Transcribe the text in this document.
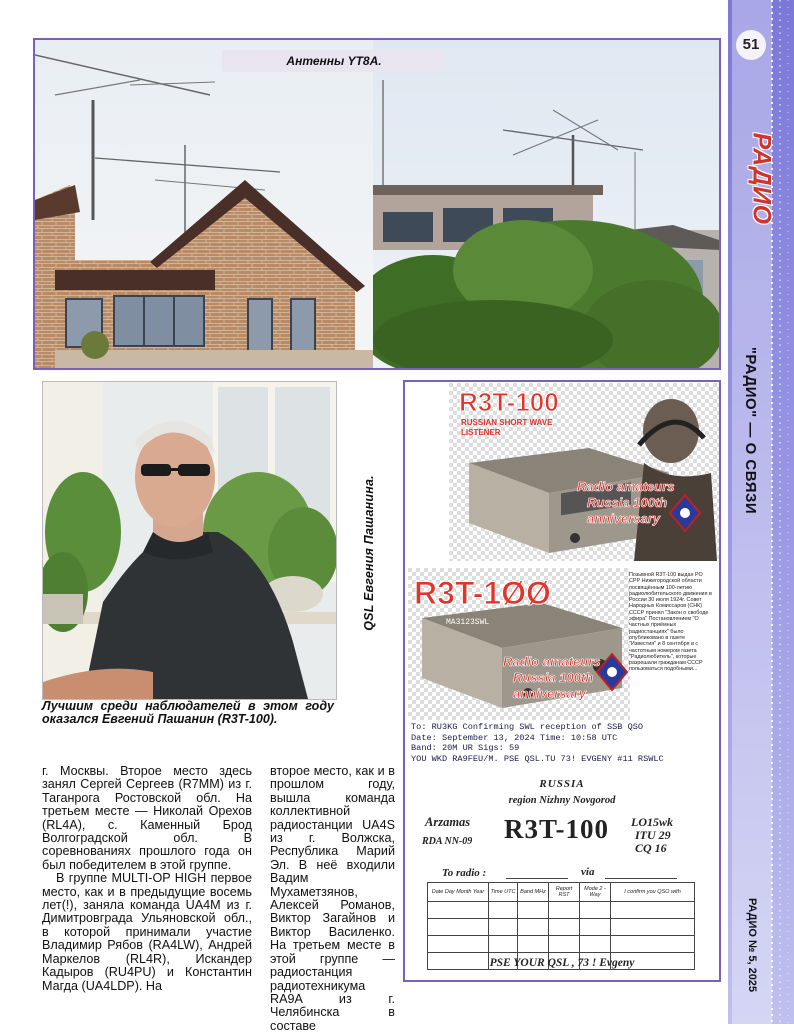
Антенны YT8A.
Лучшим среди наблюдателей в этом году оказался Евгений Пашанин (R3T-100).
QSL Евгения Пашанина.
R3T-100
RUSSIAN SHORT WAVE
LISTENER
Radio amateurs
Russia 100th
anniversary
R3T-1ØØ
MA3123SWL
Radio amateurs
Russia 100th
anniversary
Позывной R3T-100 выдан РО СРР Нижегородской области посвящённым 100-летию радиолюбительского движения в России 30 июля 1924г. Совет Народных Комиссаров (СНК) СССР принял "Закон о свободе эфира" Постановлением "О частных приёмных радиостанциях" было опубликовано в газете "Известия" и 8 сентября в с частотным номером газета "Радиолюбитель", которые разрешали гражданам СССР пользоваться подобными...
To: RU3KG Confirming SWL reception of SSB QSO
Date: September 13, 2024 Time: 10:58 UTC
Band: 20M UR Sigs: 59
YOU WKD RA9FEU/M. PSE QSL.TU 73! EVGENY #11 RSWLC
RUSSIA
region Nizhny Novgorod
Arzamas
RDA NN-09 R3T-100 LO15wk
ITU 29
CQ 16
To radio :	via
Date Day Month Year	Time UTC	Band MHz	Report RST	Mode 2 - Way	I confirm you QSO with

PSE YOUR QSL , 73 ! Evgeny

г. Москвы. Второе место здесь занял Сергей Сергеев (R7MM) из г. Таганрога Ростовской обл. На третьем месте — Николай Орехов (RL4A), с. Каменный Брод Волгоградской обл. В соревнованиях прошлого года он был победителем в этой группе.

В группе MULTI-OP HIGH первое место, как и в предыдущие восемь лет(!), заняла команда UA4M из г. Димитровграда Ульяновской обл., в которой принимали участие Владимир Рябов (RA4LW), Андрей Маркелов (RL4R), Искандер Кадыров (RU4PU) и Константин Магда (UA4LDP). На

второе место, как и в прошлом году, вышла команда коллективной радиостанции UA4S из г. Волжска, Республика Марий Эл. В неё входили Вадим Мухаметзянов, Алексей Романов, Виктор Загайнов и Виктор Василенко. На третьем месте в этой группе — радиостанция радиотехникума RA9A из г. Челябинска в составе

51
РАДИО
"РАДИО" — О СВЯЗИ
РАДИО № 5, 2025
